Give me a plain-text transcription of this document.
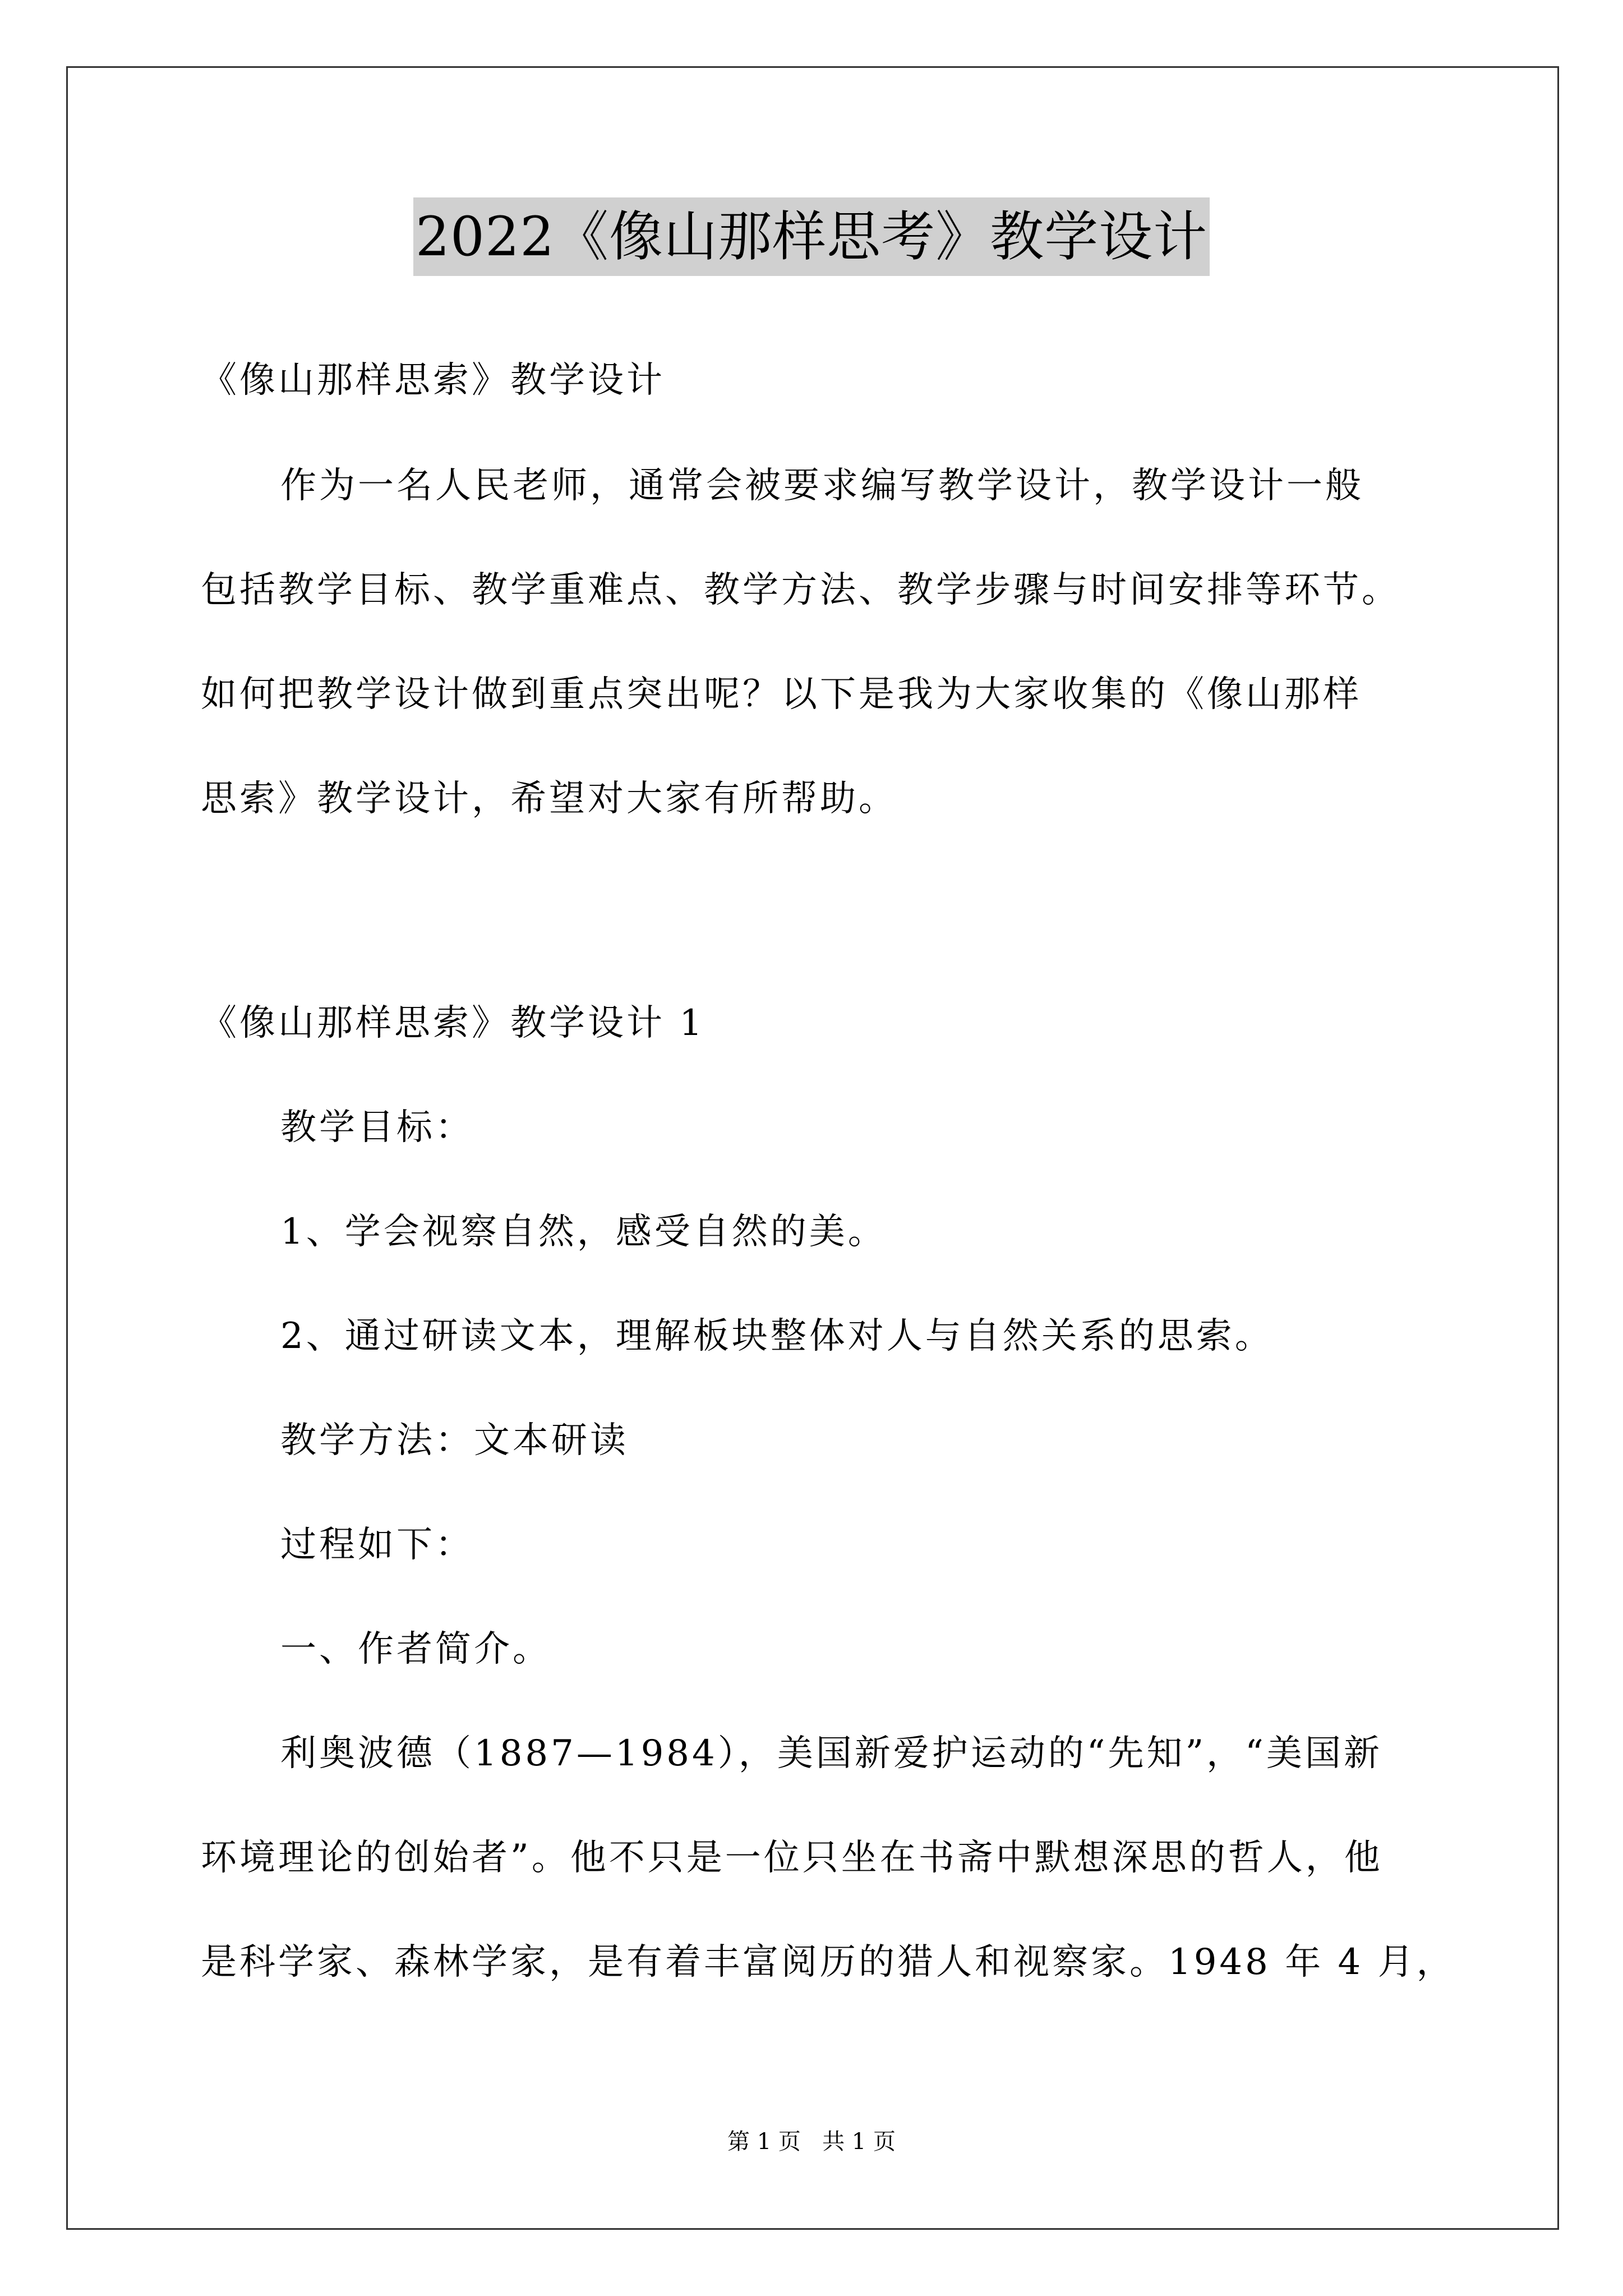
2022《像山那样思考》教学设计
《像山那样思索》教学设计
作为一名人民老师，通常会被要求编写教学设计，教学设计一般
包括教学目标、教学重难点、教学方法、教学步骤与时间安排等环节。
如何把教学设计做到重点突出呢？以下是我为大家收集的《像山那样
思索》教学设计，希望对大家有所帮助。
《像山那样思索》教学设计 1
教学目标：
1、学会视察自然，感受自然的美。
2、通过研读文本，理解板块整体对人与自然关系的思索。
教学方法：文本研读
过程如下：
一、作者简介。
利奥波德（1887—1984），美国新爱护运动的“先知”，“美国新
环境理论的创始者”。他不只是一位只坐在书斋中默想深思的哲人，他
是科学家、森林学家，是有着丰富阅历的猎人和视察家。1948 年 4 月，
第 1 页   共 1 页
